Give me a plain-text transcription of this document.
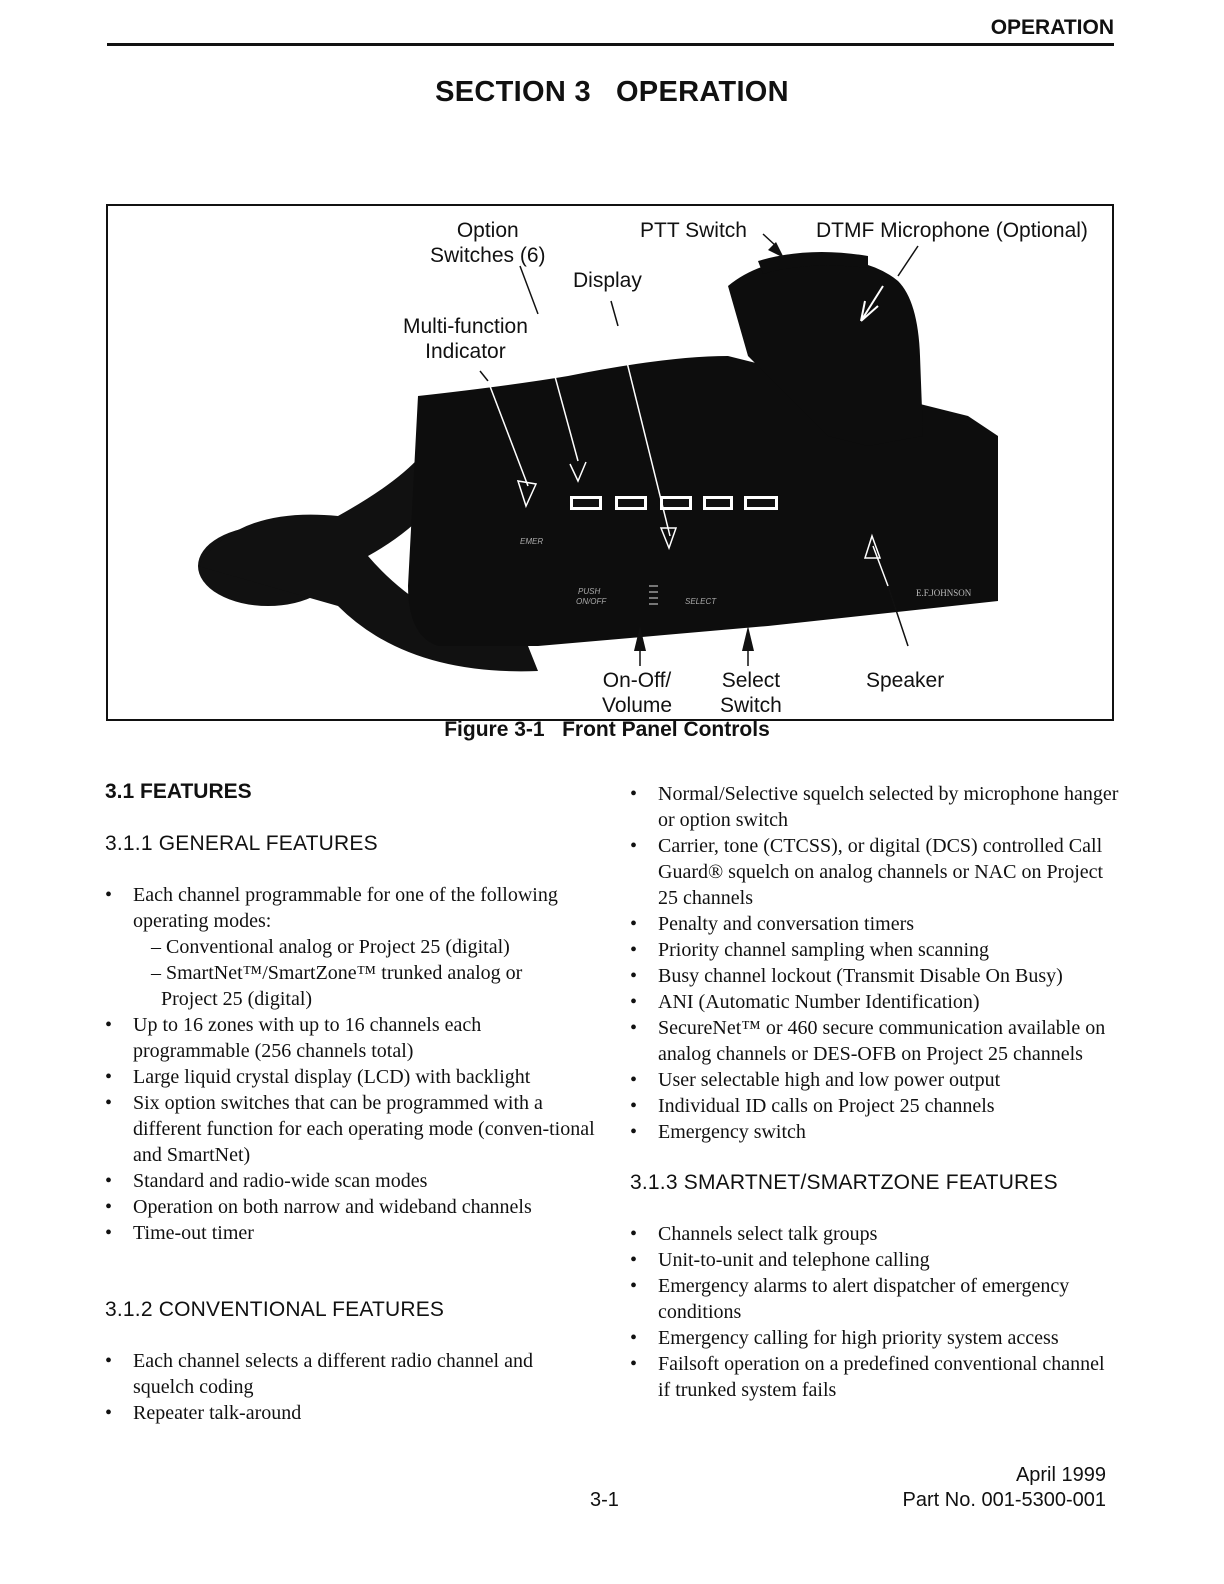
OPERATION
SECTION 3   OPERATION
EMER
PUSH
ON/OFF	SELECT
E.F.JOHNSON
Option
Switches (6)
PTT Switch	DTMF Microphone (Optional)
Display
Multi-function
Indicator
On-Off/
Volume
Select
Switch
Speaker
Figure 3-1   Front Panel Controls

3.1 FEATURES

3.1.1 GENERAL FEATURES

• Each channel programmable for one of the following operating modes:
– Conventional analog or Project 25 (digital)
– SmartNet™/SmartZone™ trunked analog or
Project 25 (digital)
• Up to 16 zones with up to 16 channels each programmable (256 channels total)
• Large liquid crystal display (LCD) with backlight
• Six option switches that can be programmed with a different function for each operating mode (conven-tional and SmartNet)
• Standard and radio-wide scan modes
• Operation on both narrow and wideband channels
• Time-out timer

3.1.2 CONVENTIONAL FEATURES

• Each channel selects a different radio channel and squelch coding
• Repeater talk-around
• Normal/Selective squelch selected by microphone hanger or option switch
• Carrier, tone (CTCSS), or digital (DCS) controlled Call Guard® squelch on analog channels or NAC on Project 25 channels
• Penalty and conversation timers
• Priority channel sampling when scanning
• Busy channel lockout (Transmit Disable On Busy)
• ANI (Automatic Number Identification)
• SecureNet™ or 460 secure communication available on analog channels or DES-OFB on Project 25 channels
• User selectable high and low power output
• Individual ID calls on Project 25 channels
• Emergency switch

3.1.3 SMARTNET/SMARTZONE FEATURES

• Channels select talk groups
• Unit-to-unit and telephone calling
• Emergency alarms to alert dispatcher of emergency conditions
• Emergency calling for high priority system access
• Failsoft operation on a predefined conventional channel if trunked system fails
April 1999
3-1	Part No. 001-5300-001
